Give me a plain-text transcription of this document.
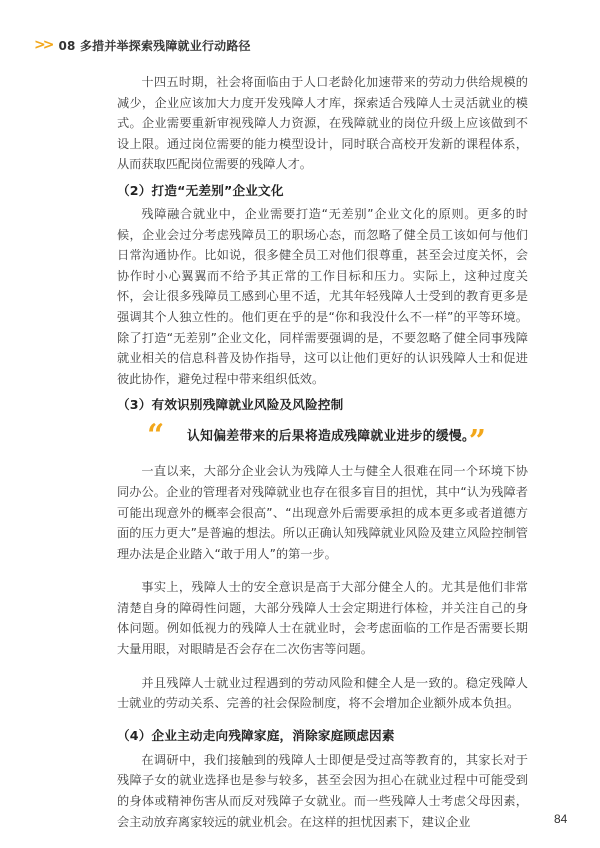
>> 08 多措并举探索残障就业行动路径

十四五时期，社会将面临由于人口老龄化加速带来的劳动力供给规模的减少，企业应该加大力度开发残障人才库，探索适合残障人士灵活就业的模式。企业需要重新审视残障人力资源，在残障就业的岗位升级上应该做到不设上限。通过岗位需要的能力模型设计，同时联合高校开发新的课程体系，从而获取匹配岗位需要的残障人才。

（2）打造“无差别”企业文化

残障融合就业中，企业需要打造“无差别”企业文化的原则。更多的时候，企业会过分考虑残障员工的职场心态，而忽略了健全员工该如何与他们日常沟通协作。比如说，很多健全员工对他们很尊重，甚至会过度关怀，会协作时小心翼翼而不给予其正常的工作目标和压力。实际上，这种过度关怀，会让很多残障员工感到心里不适，尤其年轻残障人士受到的教育更多是强调其个人独立性的。他们更在乎的是“你和我没什么不一样”的平等环境。除了打造“无差别”企业文化，同样需要强调的是，不要忽略了健全同事残障就业相关的信息科普及协作指导，这可以让他们更好的认识残障人士和促进彼此协作，避免过程中带来组织低效。

（3）有效识别残障就业风险及风险控制
“ 认知偏差带来的后果将造成残障就业进步的缓慢。
”

一直以来，大部分企业会认为残障人士与健全人很难在同一个环境下协同办公。企业的管理者对残障就业也存在很多盲目的担忧，其中“认为残障者可能出现意外的概率会很高”、“出现意外后需要承担的成本更多或者道德方面的压力更大”是普遍的想法。所以正确认知残障就业风险及建立风险控制管理办法是企业踏入“敢于用人”的第一步。

事实上，残障人士的安全意识是高于大部分健全人的。尤其是他们非常清楚自身的障碍性问题，大部分残障人士会定期进行体检，并关注自己的身体问题。例如低视力的残障人士在就业时，会考虑面临的工作是否需要长期大量用眼，对眼睛是否会存在二次伤害等问题。

并且残障人士就业过程遇到的劳动风险和健全人是一致的。稳定残障人士就业的劳动关系、完善的社会保险制度，将不会增加企业额外成本负担。

（4）企业主动走向残障家庭，消除家庭顾虑因素

在调研中，我们接触到的残障人士即便是受过高等教育的，其家长对于残障子女的就业选择也是参与较多，甚至会因为担心在就业过程中可能受到的身体或精神伤害从而反对残障子女就业。而一些残障人士考虑父母因素，会主动放弃离家较远的就业机会。在这样的担忧因素下，建议企业	84
